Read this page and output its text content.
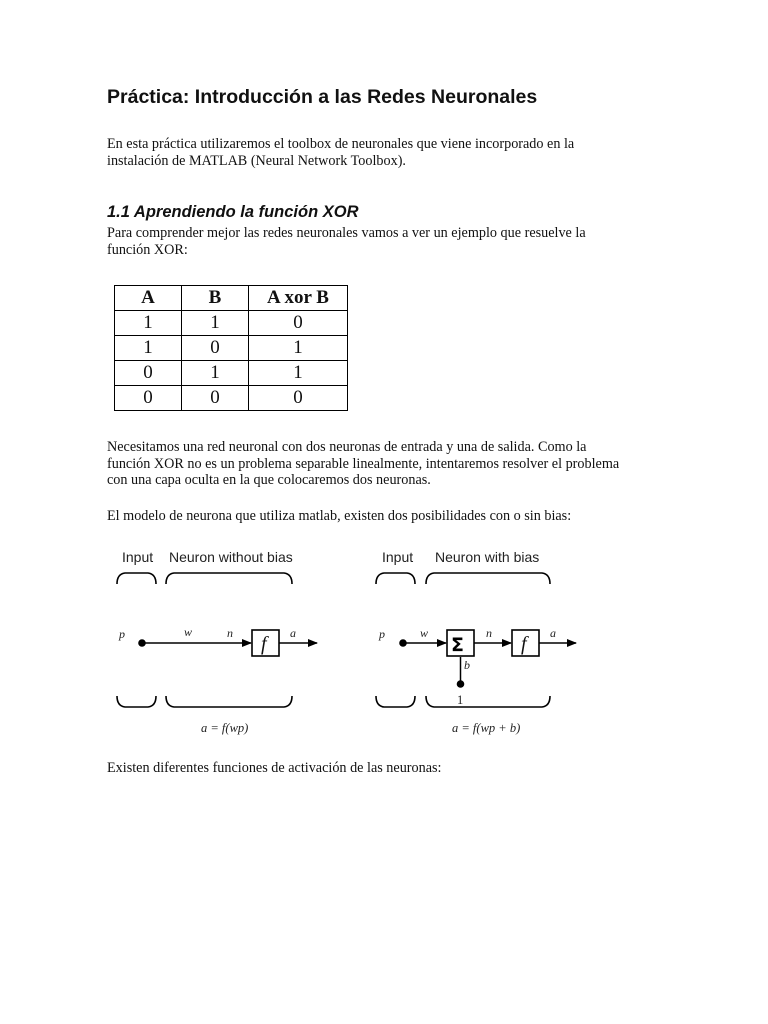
Práctica: Introducción a las Redes Neuronales

En esta práctica utilizaremos el toolbox de neuronales que viene incorporado en la
instalación de MATLAB (Neural Network Toolbox).

1.1 Aprendiendo la función XOR

Para comprender mejor las redes neuronales vamos a ver un ejemplo que resuelve la
función XOR:

A	B	A xor B
1	1	0
1	0	1
0	1	1
0	0	0

Necesitamos una red neuronal con dos neuronas de entrada y una de salida. Como la
función XOR no es un problema separable linealmente, intentaremos resolver el problema
con una capa oculta en la que colocaremos dos neuronas.

El modelo de neurona que utiliza matlab, existen dos posibilidades con o sin bias:

Input Neuron without bias
p	w	n f a
a = f(wp)
Input Neuron with bias
p	w
Σ
n f a
b
1
a = f(wp + b)

Existen diferentes funciones de activación de las neuronas:
